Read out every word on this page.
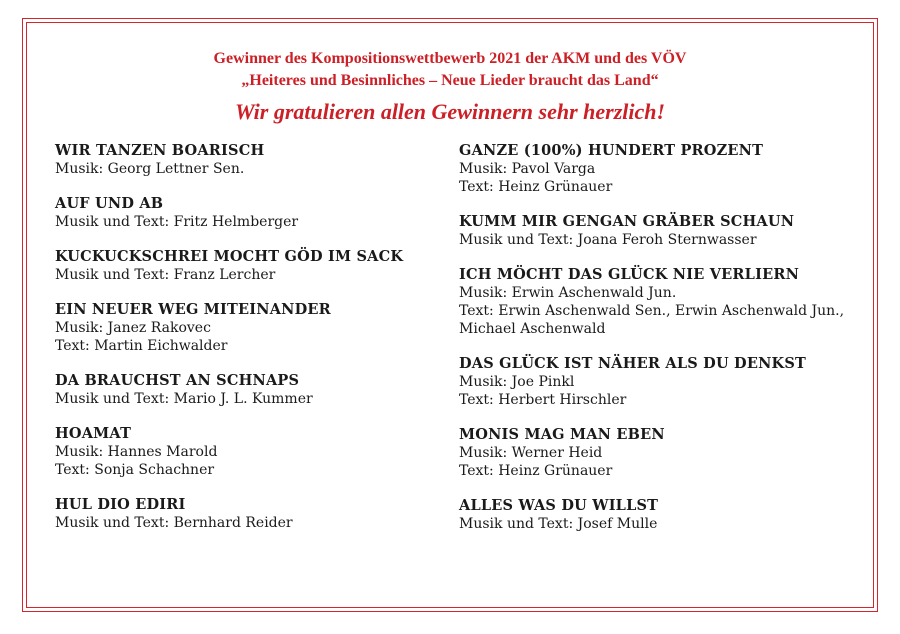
Gewinner des Kompositionswettbewerb 2021 der AKM und des VÖV
„Heiteres und Besinnliches – Neue Lieder braucht das Land“
Wir gratulieren allen Gewinnern sehr herzlich!
WIR TANZEN BOARISCH
Musik: Georg Lettner Sen.
AUF UND AB
Musik und Text: Fritz Helmberger
KUCKUCKSCHREI MOCHT GÖD IM SACK
Musik und Text: Franz Lercher
EIN NEUER WEG MITEINANDER
Musik: Janez Rakovec
Text: Martin Eichwalder
DA BRAUCHST AN SCHNAPS
Musik und Text: Mario J. L. Kummer
HOAMAT
Musik: Hannes Marold
Text: Sonja Schachner
HUL DIO EDIRI
Musik und Text: Bernhard Reider
GANZE (100%) HUNDERT PROZENT
Musik: Pavol Varga
Text: Heinz Grünauer
KUMM MIR GENGAN GRÄBER SCHAUN
Musik und Text: Joana Feroh Sternwasser
ICH MÖCHT DAS GLÜCK NIE VERLIERN
Musik: Erwin Aschenwald Jun.
Text: Erwin Aschenwald Sen., Erwin Aschenwald Jun.,
Michael Aschenwald
DAS GLÜCK IST NÄHER ALS DU DENKST
Musik: Joe Pinkl
Text: Herbert Hirschler
MONIS MAG MAN EBEN
Musik: Werner Heid
Text: Heinz Grünauer
ALLES WAS DU WILLST
Musik und Text: Josef Mulle
